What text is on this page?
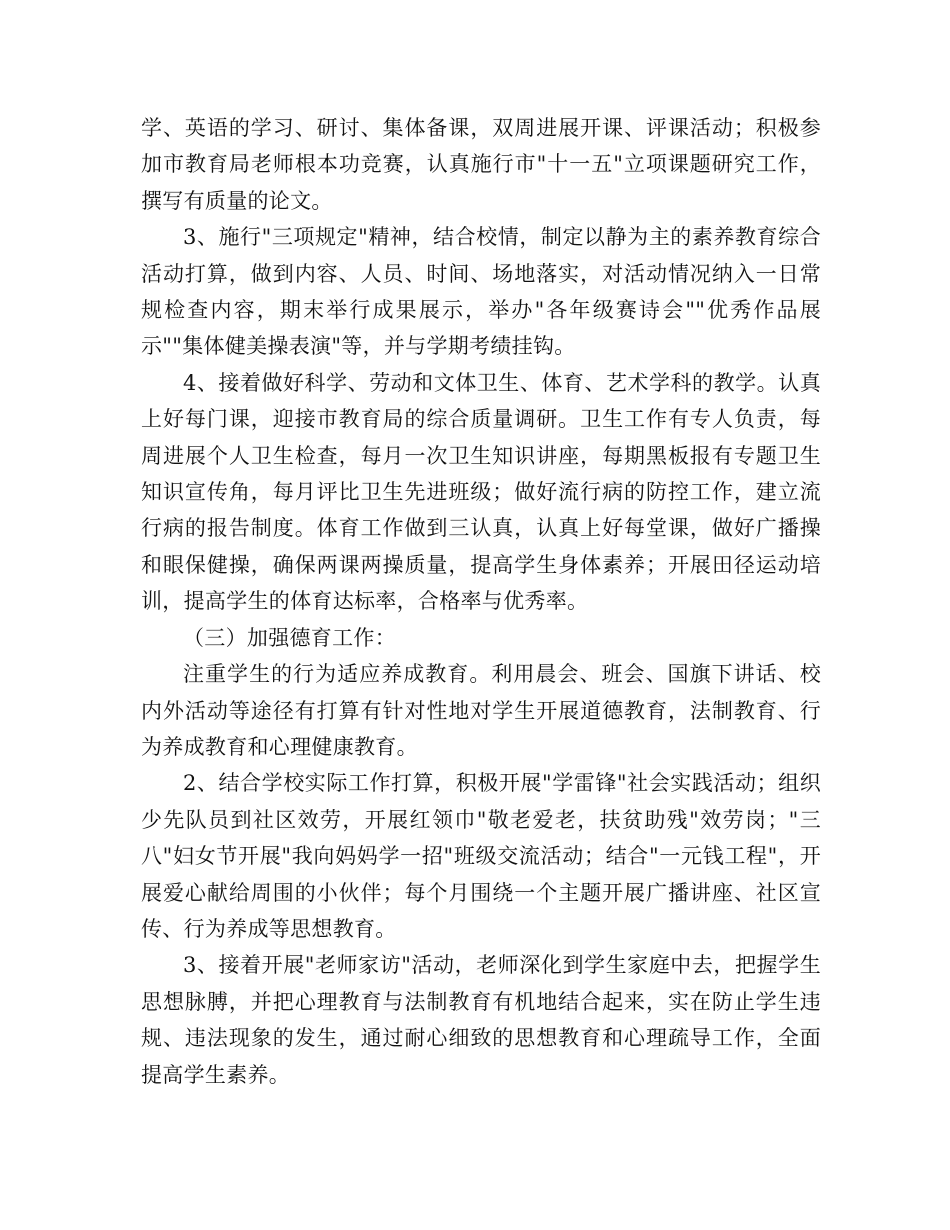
学、英语的学习、研讨、集体备课，双周进展开课、评课活动；积极参加市教育局老师根本功竞赛，认真施行市"十一五"立项课题研究工作，撰写有质量的论文。

3、施行"三项规定"精神，结合校情，制定以静为主的素养教育综合活动打算，做到内容、人员、时间、场地落实，对活动情况纳入一日常规检查内容，期末举行成果展示，举办"各年级赛诗会""优秀作品展示""集体健美操表演"等，并与学期考绩挂钩。

4、接着做好科学、劳动和文体卫生、体育、艺术学科的教学。认真上好每门课，迎接市教育局的综合质量调研。卫生工作有专人负责，每周进展个人卫生检查，每月一次卫生知识讲座，每期黑板报有专题卫生知识宣传角，每月评比卫生先进班级；做好流行病的防控工作，建立流行病的报告制度。体育工作做到三认真，认真上好每堂课，做好广播操和眼保健操，确保两课两操质量，提高学生身体素养；开展田径运动培训，提高学生的体育达标率，合格率与优秀率。

（三）加强德育工作：

注重学生的行为适应养成教育。利用晨会、班会、国旗下讲话、校内外活动等途径有打算有针对性地对学生开展道德教育，法制教育、行为养成教育和心理健康教育。

2、结合学校实际工作打算，积极开展"学雷锋"社会实践活动；组织少先队员到社区效劳，开展红领巾"敬老爱老，扶贫助残"效劳岗；"三八"妇女节开展"我向妈妈学一招"班级交流活动；结合"一元钱工程"，开展爱心献给周围的小伙伴；每个月围绕一个主题开展广播讲座、社区宣传、行为养成等思想教育。

3、接着开展"老师家访"活动，老师深化到学生家庭中去，把握学生思想脉膊，并把心理教育与法制教育有机地结合起来，实在防止学生违规、违法现象的发生，通过耐心细致的思想教育和心理疏导工作，全面提高学生素养。
